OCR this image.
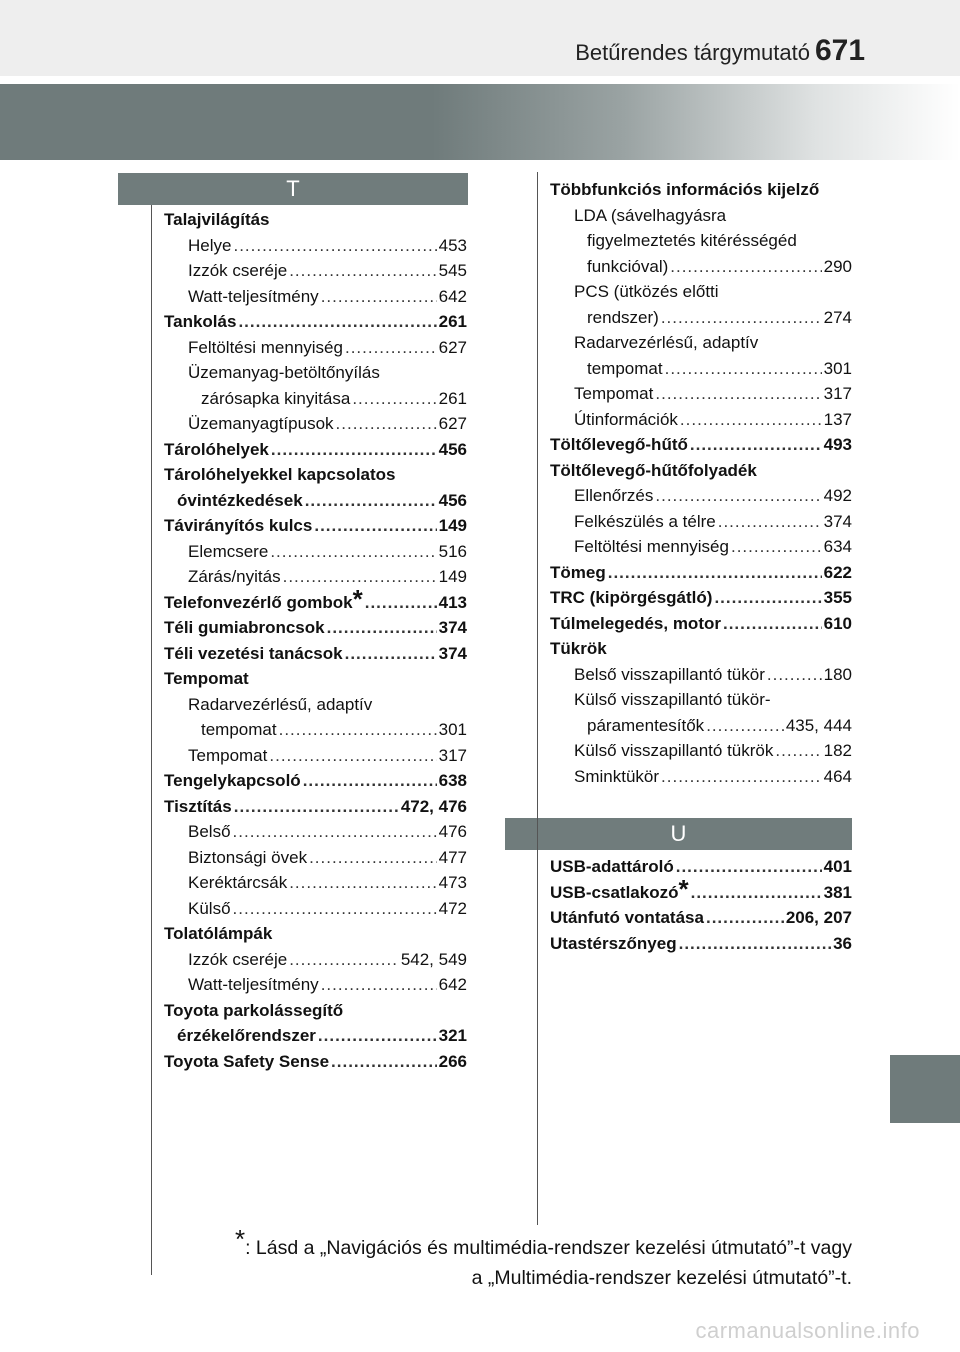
Betűrendes tárgymutató 671
T
U
Talajvilágítás
Helye .....	453
Izzók cseréje .....	545
Watt-teljesítmény .....	642
Tankolás .....	261
Feltöltési mennyiség .....	627
Üzemanyag-betöltőnyílás
zárósapka kinyitása .....	261
Üzemanyagtípusok .....	627
Tárolóhelyek .....	456
Tárolóhelyekkel kapcsolatos
óvintézkedések .....	456
Távirányítós kulcs .....	149
Elemcsere .....	516
Zárás/nyitás .....	149
Telefonvezérlő gombok * .....	413
Téli gumiabroncsok .....	374
Téli vezetési tanácsok .....	374
Tempomat
Radarvezérlésű, adaptív
tempomat .....	301
Tempomat .....	317
Tengelykapcsoló .....	638
Tisztítás .....	472, 476
Belső .....	476
Biztonsági övek .....	477
Keréktárcsák .....	473
Külső .....	472
Tolatólámpák
Izzók cseréje .....	542, 549
Watt-teljesítmény .....	642
Toyota parkolássegítő
érzékelőrendszer .....	321
Toyota Safety Sense .....	266
Többfunkciós információs kijelző
LDA (sávelhagyásra
figyelmeztetés kitérésségéd
funkcióval) .....	290
PCS (ütközés előtti
rendszer) .....	274
Radarvezérlésű, adaptív
tempomat .....	301
Tempomat .....	317
Útinformációk .....	137
Töltőlevegő-hűtő .....	493
Töltőlevegő-hűtőfolyadék
Ellenőrzés .....	492
Felkészülés a télre .....	374
Feltöltési mennyiség .....	634
Tömeg .....	622
TRC (kipörgésgátló) .....	355
Túlmelegedés, motor .....	610
Tükrök
Belső visszapillantó tükör .....	180
Külső visszapillantó tükör-
páramentesítők .....	435, 444
Külső visszapillantó tükrök .....	182
Sminktükör .....	464
USB-adattároló .....	401
USB-csatlakozó * .....	381
Utánfutó vontatása .....	206, 207
Utastérszőnyeg .....	36
*: Lásd a „Navigációs és multimédia-rendszer kezelési útmutató”-t vagy
a „Multimédia-rendszer kezelési útmutató”-t.
carmanualsonline.info
